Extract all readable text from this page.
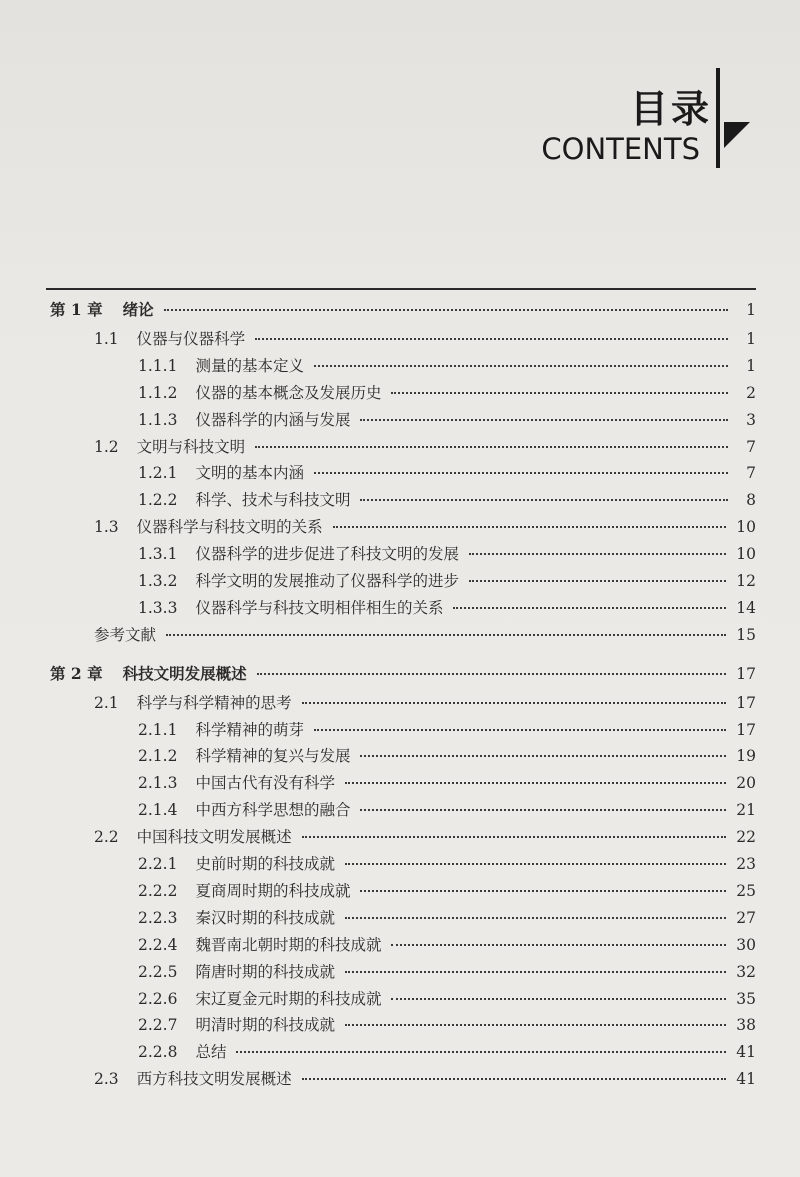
目录
CONTENTS
第 1 章 绪论	1
1.1 仪器与仪器科学	1
1.1.1 测量的基本定义	1
1.1.2 仪器的基本概念及发展历史	2
1.1.3 仪器科学的内涵与发展	3
1.2 文明与科技文明	7
1.2.1 文明的基本内涵	7
1.2.2 科学、技术与科技文明	8
1.3 仪器科学与科技文明的关系	10
1.3.1 仪器科学的进步促进了科技文明的发展	10
1.3.2 科学文明的发展推动了仪器科学的进步	12
1.3.3 仪器科学与科技文明相伴相生的关系	14
参考文献	15
第 2 章 科技文明发展概述	17
2.1 科学与科学精神的思考	17
2.1.1 科学精神的萌芽	17
2.1.2 科学精神的复兴与发展	19
2.1.3 中国古代有没有科学	20
2.1.4 中西方科学思想的融合	21
2.2 中国科技文明发展概述	22
2.2.1 史前时期的科技成就	23
2.2.2 夏商周时期的科技成就	25
2.2.3 秦汉时期的科技成就	27
2.2.4 魏晋南北朝时期的科技成就	30
2.2.5 隋唐时期的科技成就	32
2.2.6 宋辽夏金元时期的科技成就	35
2.2.7 明清时期的科技成就	38
2.2.8 总结	41
2.3 西方科技文明发展概述	41
